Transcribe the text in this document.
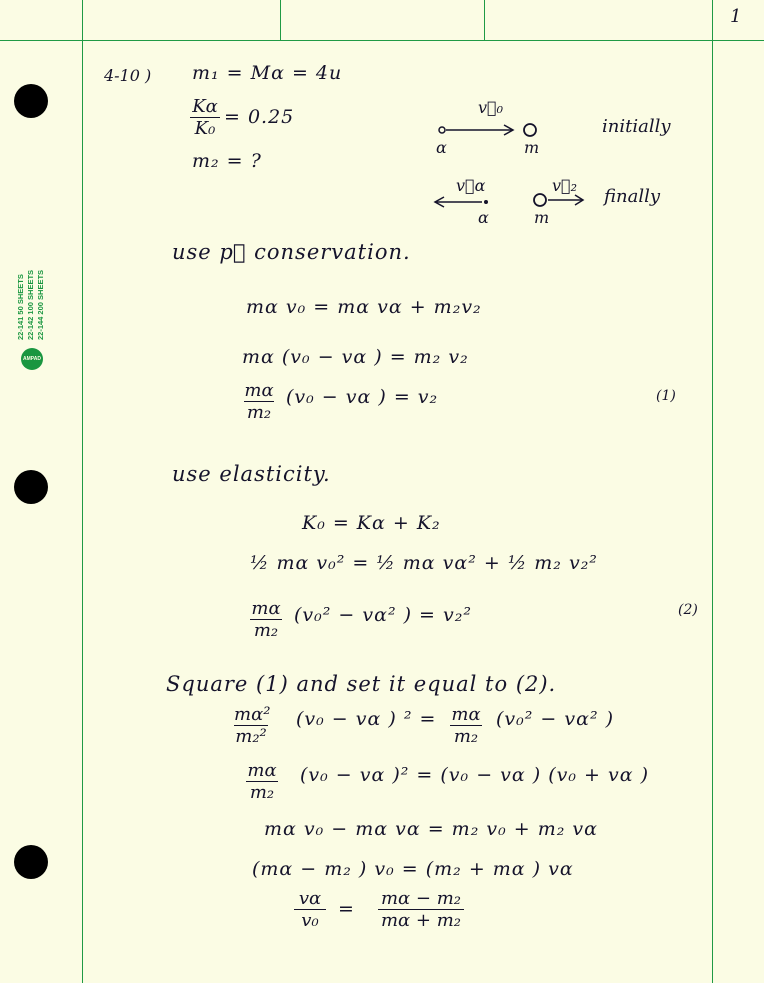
22-141 50 SHEETS 22-142 100 SHEETS 22-144 200 SHEETS
AMPAD
1
4-10 ) m₁ = Mα = 4u
$\frac{K\alpha}{\text{K₀}} = 0.25$
m₂ = ?
v⃗₀
α	m
initially
v⃗α
α
v⃗₂
m
finally
use p⃗ conservation.
mα v₀ = mα vα + m₂v₂
mα (v₀ − vα ) = m₂ v₂
$\frac{m\alpha}{\text{m₂}} (v_0 - v\alpha$ ) = v₂	(1)
use elasticity.
K₀ = Kα + K₂
½ mα v₀² = ½ mα vα² + ½ m₂ v₂²
$\frac{m\alpha}{\text{m₂}} (v_0^2 - v\alpha^2$ ) = v₂²	(2)
Square (1) and set it equal to (2).
$\frac{\text{mα²}}{\text{m₂²}} (v_0 - v\alpha$ ) $^2 = \frac{m\alpha}{\text{m₂}} (v_0^2 - v\alpha^2$ )
$\frac{m\alpha}{\text{m₂}} (v_0 - v\alpha$ )² = (v₀ − vα ) (v₀ + vα )
mα v₀ − mα vα = m₂ v₀ + m₂ vα
(mα − m₂ ) v₀ = (m₂ + mα ) vα
$\frac{v\alpha}{\text{v₀}} = \frac{\text{mα − m₂}}{\text{mα + m₂}}$
